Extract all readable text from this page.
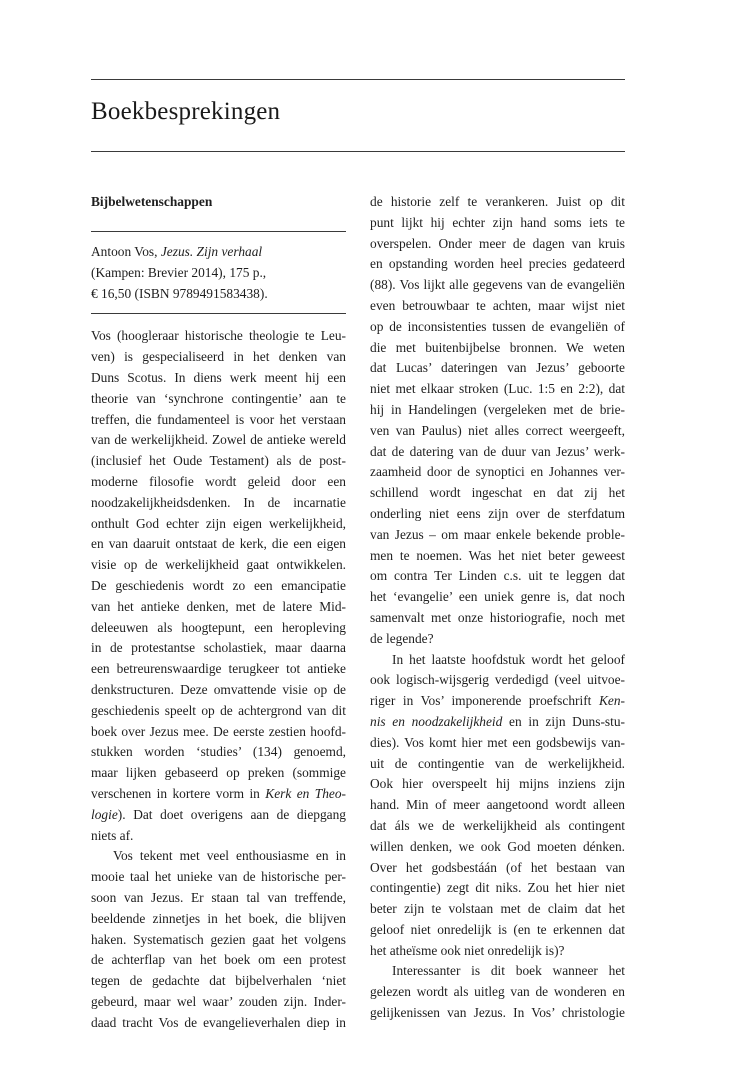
Boekbesprekingen
Bijbelwetenschappen

Antoon Vos, Jezus. Zijn verhaal
(Kampen: Brevier 2014), 175 p.,
€ 16,50 (ISBN 9789491583438).

Vos (hoogleraar historische theologie te Leu-
ven) is gespecialiseerd in het denken van
Duns Scotus. In diens werk meent hij een
theorie van ‘synchrone contingentie’ aan te
treffen, die fundamenteel is voor het verstaan
van de werkelijkheid. Zowel de antieke wereld
(inclusief het Oude Testament) als de post-
moderne filosofie wordt geleid door een
noodzakelijkheidsdenken. In de incarnatie
onthult God echter zijn eigen werkelijkheid,
en van daaruit ontstaat de kerk, die een eigen
visie op de werkelijkheid gaat ontwikkelen.
De geschiedenis wordt zo een emancipatie
van het antieke denken, met de latere Mid-
deleeuwen als hoogtepunt, een heropleving
in de protestantse scholastiek, maar daarna
een betreurenswaardige terugkeer tot antieke
denkstructuren. Deze omvattende visie op de
geschiedenis speelt op de achtergrond van dit
boek over Jezus mee. De eerste zestien hoofd-
stukken worden ‘studies’ (134) genoemd,
maar lijken gebaseerd op preken (sommige
verschenen in kortere vorm in Kerk en Theo-
logie). Dat doet overigens aan de diepgang
niets af.
Vos tekent met veel enthousiasme en in
mooie taal het unieke van de historische per-
soon van Jezus. Er staan tal van treffende,
beeldende zinnetjes in het boek, die blijven
haken. Systematisch gezien gaat het volgens
de achterflap van het boek om een protest
tegen de gedachte dat bijbelverhalen ‘niet
gebeurd, maar wel waar’ zouden zijn. Inder-
daad tracht Vos de evangelieverhalen diep in
de historie zelf te verankeren. Juist op dit
punt lijkt hij echter zijn hand soms iets te
overspelen. Onder meer de dagen van kruis
en opstanding worden heel precies gedateerd
(88). Vos lijkt alle gegevens van de evangeliën
even betrouwbaar te achten, maar wijst niet
op de inconsistenties tussen de evangeliën of
die met buitenbijbelse bronnen. We weten
dat Lucas’ dateringen van Jezus’ geboorte
niet met elkaar stroken (Luc. 1:5 en 2:2), dat
hij in Handelingen (vergeleken met de brie-
ven van Paulus) niet alles correct weergeeft,
dat de datering van de duur van Jezus’ werk-
zaamheid door de synoptici en Johannes ver-
schillend wordt ingeschat en dat zij het
onderling niet eens zijn over de sterfdatum
van Jezus – om maar enkele bekende proble-
men te noemen. Was het niet beter geweest
om contra Ter Linden c.s. uit te leggen dat
het ‘evangelie’ een uniek genre is, dat noch
samenvalt met onze historiografie, noch met
de legende?
In het laatste hoofdstuk wordt het geloof
ook logisch-wijsgerig verdedigd (veel uitvoe-
riger in Vos’ imponerende proefschrift Ken-
nis en noodzakelijkheid en in zijn Duns-stu-
dies). Vos komt hier met een godsbewijs van-
uit de contingentie van de werkelijkheid.
Ook hier overspeelt hij mijns inziens zijn
hand. Min of meer aangetoond wordt alleen
dat áls we de werkelijkheid als contingent
willen denken, we ook God moeten dénken.
Over het godsbestáán (of het bestaan van
contingentie) zegt dit niks. Zou het hier niet
beter zijn te volstaan met de claim dat het
geloof niet onredelijk is (en te erkennen dat
het atheïsme ook niet onredelijk is)?
Interessanter is dit boek wanneer het
gelezen wordt als uitleg van de wonderen en
gelijkenissen van Jezus. In Vos’ christologie
